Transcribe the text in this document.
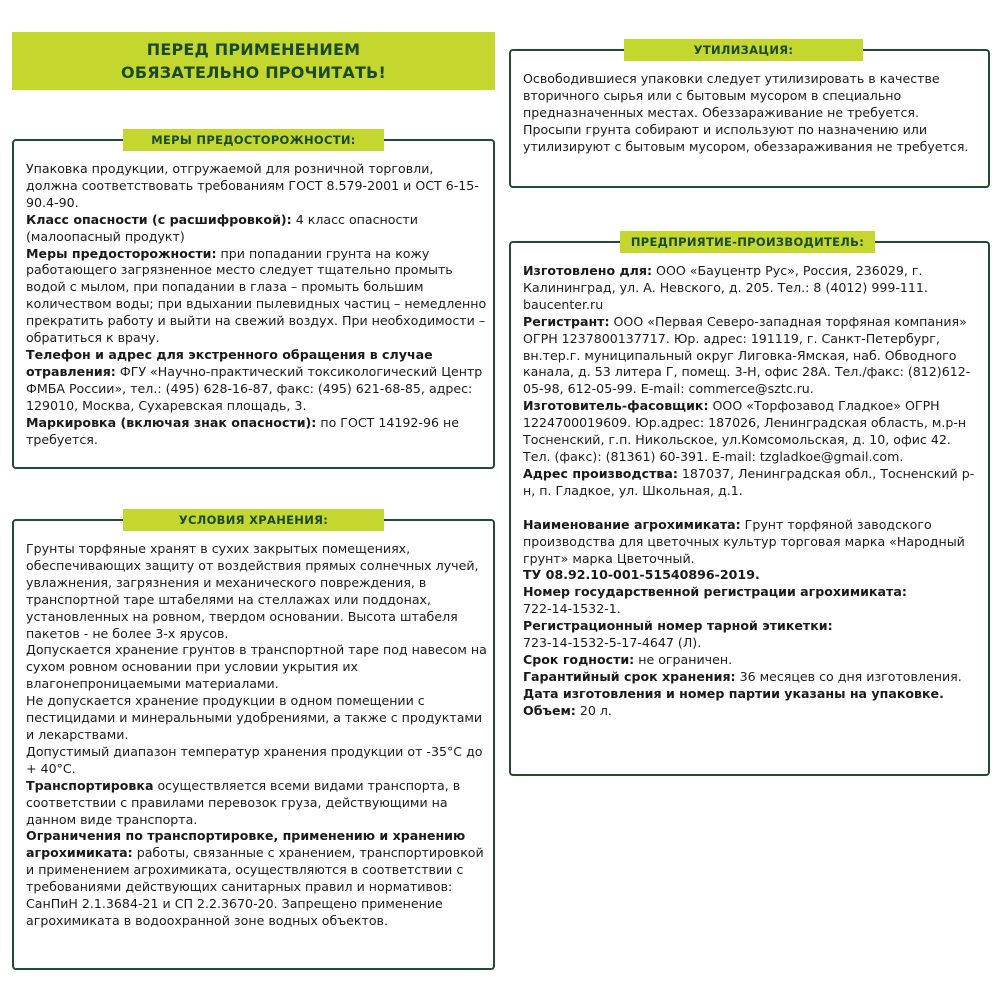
ПЕРЕД ПРИМЕНЕНИЕМ
ОБЯЗАТЕЛЬНО ПРОЧИТАТЬ!
МЕРЫ ПРЕДОСТОРОЖНОСТИ:

Упаковка продукции, отгружаемой для розничной торговли, должна соответствовать требованиям ГОСТ 8.579-2001 и ОСТ 6-15-90.4-90.

Класс опасности (с расшифровкой): 4 класс опасности (малоопасный продукт)

Меры предосторожности: при попадании грунта на кожу работающего загрязненное место следует тщательно промыть водой с мылом, при попадании в глаза – промыть большим количеством воды; при вдыхании пылевидных частиц – немедленно прекратить работу и выйти на свежий воздух. При необходимости – обратиться к врачу.

Телефон и адрес для экстренного обращения в случае отравления: ФГУ «Научно-практический токсикологический Центр ФМБА России», тел.: (495) 628-16-87, факс: (495) 621-68-85, адрес: 129010, Москва, Сухаревская площадь, 3.

Маркировка (включая знак опасности): по ГОСТ 14192-96 не требуется.

УСЛОВИЯ ХРАНЕНИЯ:

Грунты торфяные хранят в сухих закрытых помещениях, обеспечивающих защиту от воздействия прямых солнечных лучей, увлажнения, загрязнения и механического повреждения, в транспортной таре штабелями на стеллажах или поддонах, установленных на ровном, твердом основании. Высота штабеля пакетов - не более 3-х ярусов.

Допускается хранение грунтов в транспортной таре под навесом на сухом ровном основании при условии укрытия их влагонепроницаемыми материалами.

Не допускается хранение продукции в одном помещении с пестицидами и минеральными удобрениями, а также с продуктами и лекарствами.

Допустимый диапазон температур хранения продукции от -35°С до + 40°С.

Транспортировка осуществляется всеми видами транспорта, в соответствии с правилами перевозок груза, действующими на данном виде транспорта.

Ограничения по транспортировке, применению и хранению агрохимиката: работы, связанные с хранением, транспортировкой и применением агрохимиката, осуществляются в соответствии с требованиями действующих санитарных правил и нормативов: СанПиН 2.1.3684-21 и СП 2.2.3670-20. Запрещено применение агрохимиката в водоохранной зоне водных объектов.

УТИЛИЗАЦИЯ:

Освободившиеся упаковки следует утилизировать в качестве вторичного сырья или с бытовым мусором в специально предназначенных местах. Обеззараживание не требуется.

Просыпи грунта собирают и используют по назначению или утилизируют с бытовым мусором, обеззараживания не требуется.

ПРЕДПРИЯТИЕ-ПРОИЗВОДИТЕЛЬ:

Изготовлено для: ООО «Бауцентр Рус», Россия, 236029, г. Калининград, ул. А. Невского, д. 205. Тел.: 8 (4012) 999-111. baucenter.ru

Регистрант: ООО «Первая Северо-западная торфяная компания» ОГРН 1237800137717. Юр. адрес: 191119, г. Санкт-Петербург, вн.тер.г. муниципальный округ Лиговка-Ямская, наб. Обводного канала, д. 53 литера Г, помещ. 3-Н, офис 28А. Тел./факс: (812)612-05-98, 612-05-99. E-mail: commerce@sztc.ru.

Изготовитель-фасовщик: ООО «Торфозавод Гладкое» ОГРН 1224700019609. Юр.адрес: 187026, Ленинградская область, м.р-н Тосненский, г.п. Никольское, ул.Комсомольская, д. 10, офис 42. Тел. (факс): (81361) 60-391. E-mail: tzgladkoe@gmail.com.

Адрес производства: 187037, Ленинградская обл., Тосненский р-н, п. Гладкое, ул. Школьная, д.1.

Наименование агрохимиката: Грунт торфяной заводского производства для цветочных культур торговая марка «Народный грунт» марка Цветочный.

ТУ 08.92.10-001-51540896-2019.

Номер государственной регистрации агрохимиката:

722-14-1532-1.

Регистрационный номер тарной этикетки:

723-14-1532-5-17-4647 (Л).

Срок годности: не ограничен.

Гарантийный срок хранения: 36 месяцев со дня изготовления.

Дата изготовления и номер партии указаны на упаковке.

Объем: 20 л.
